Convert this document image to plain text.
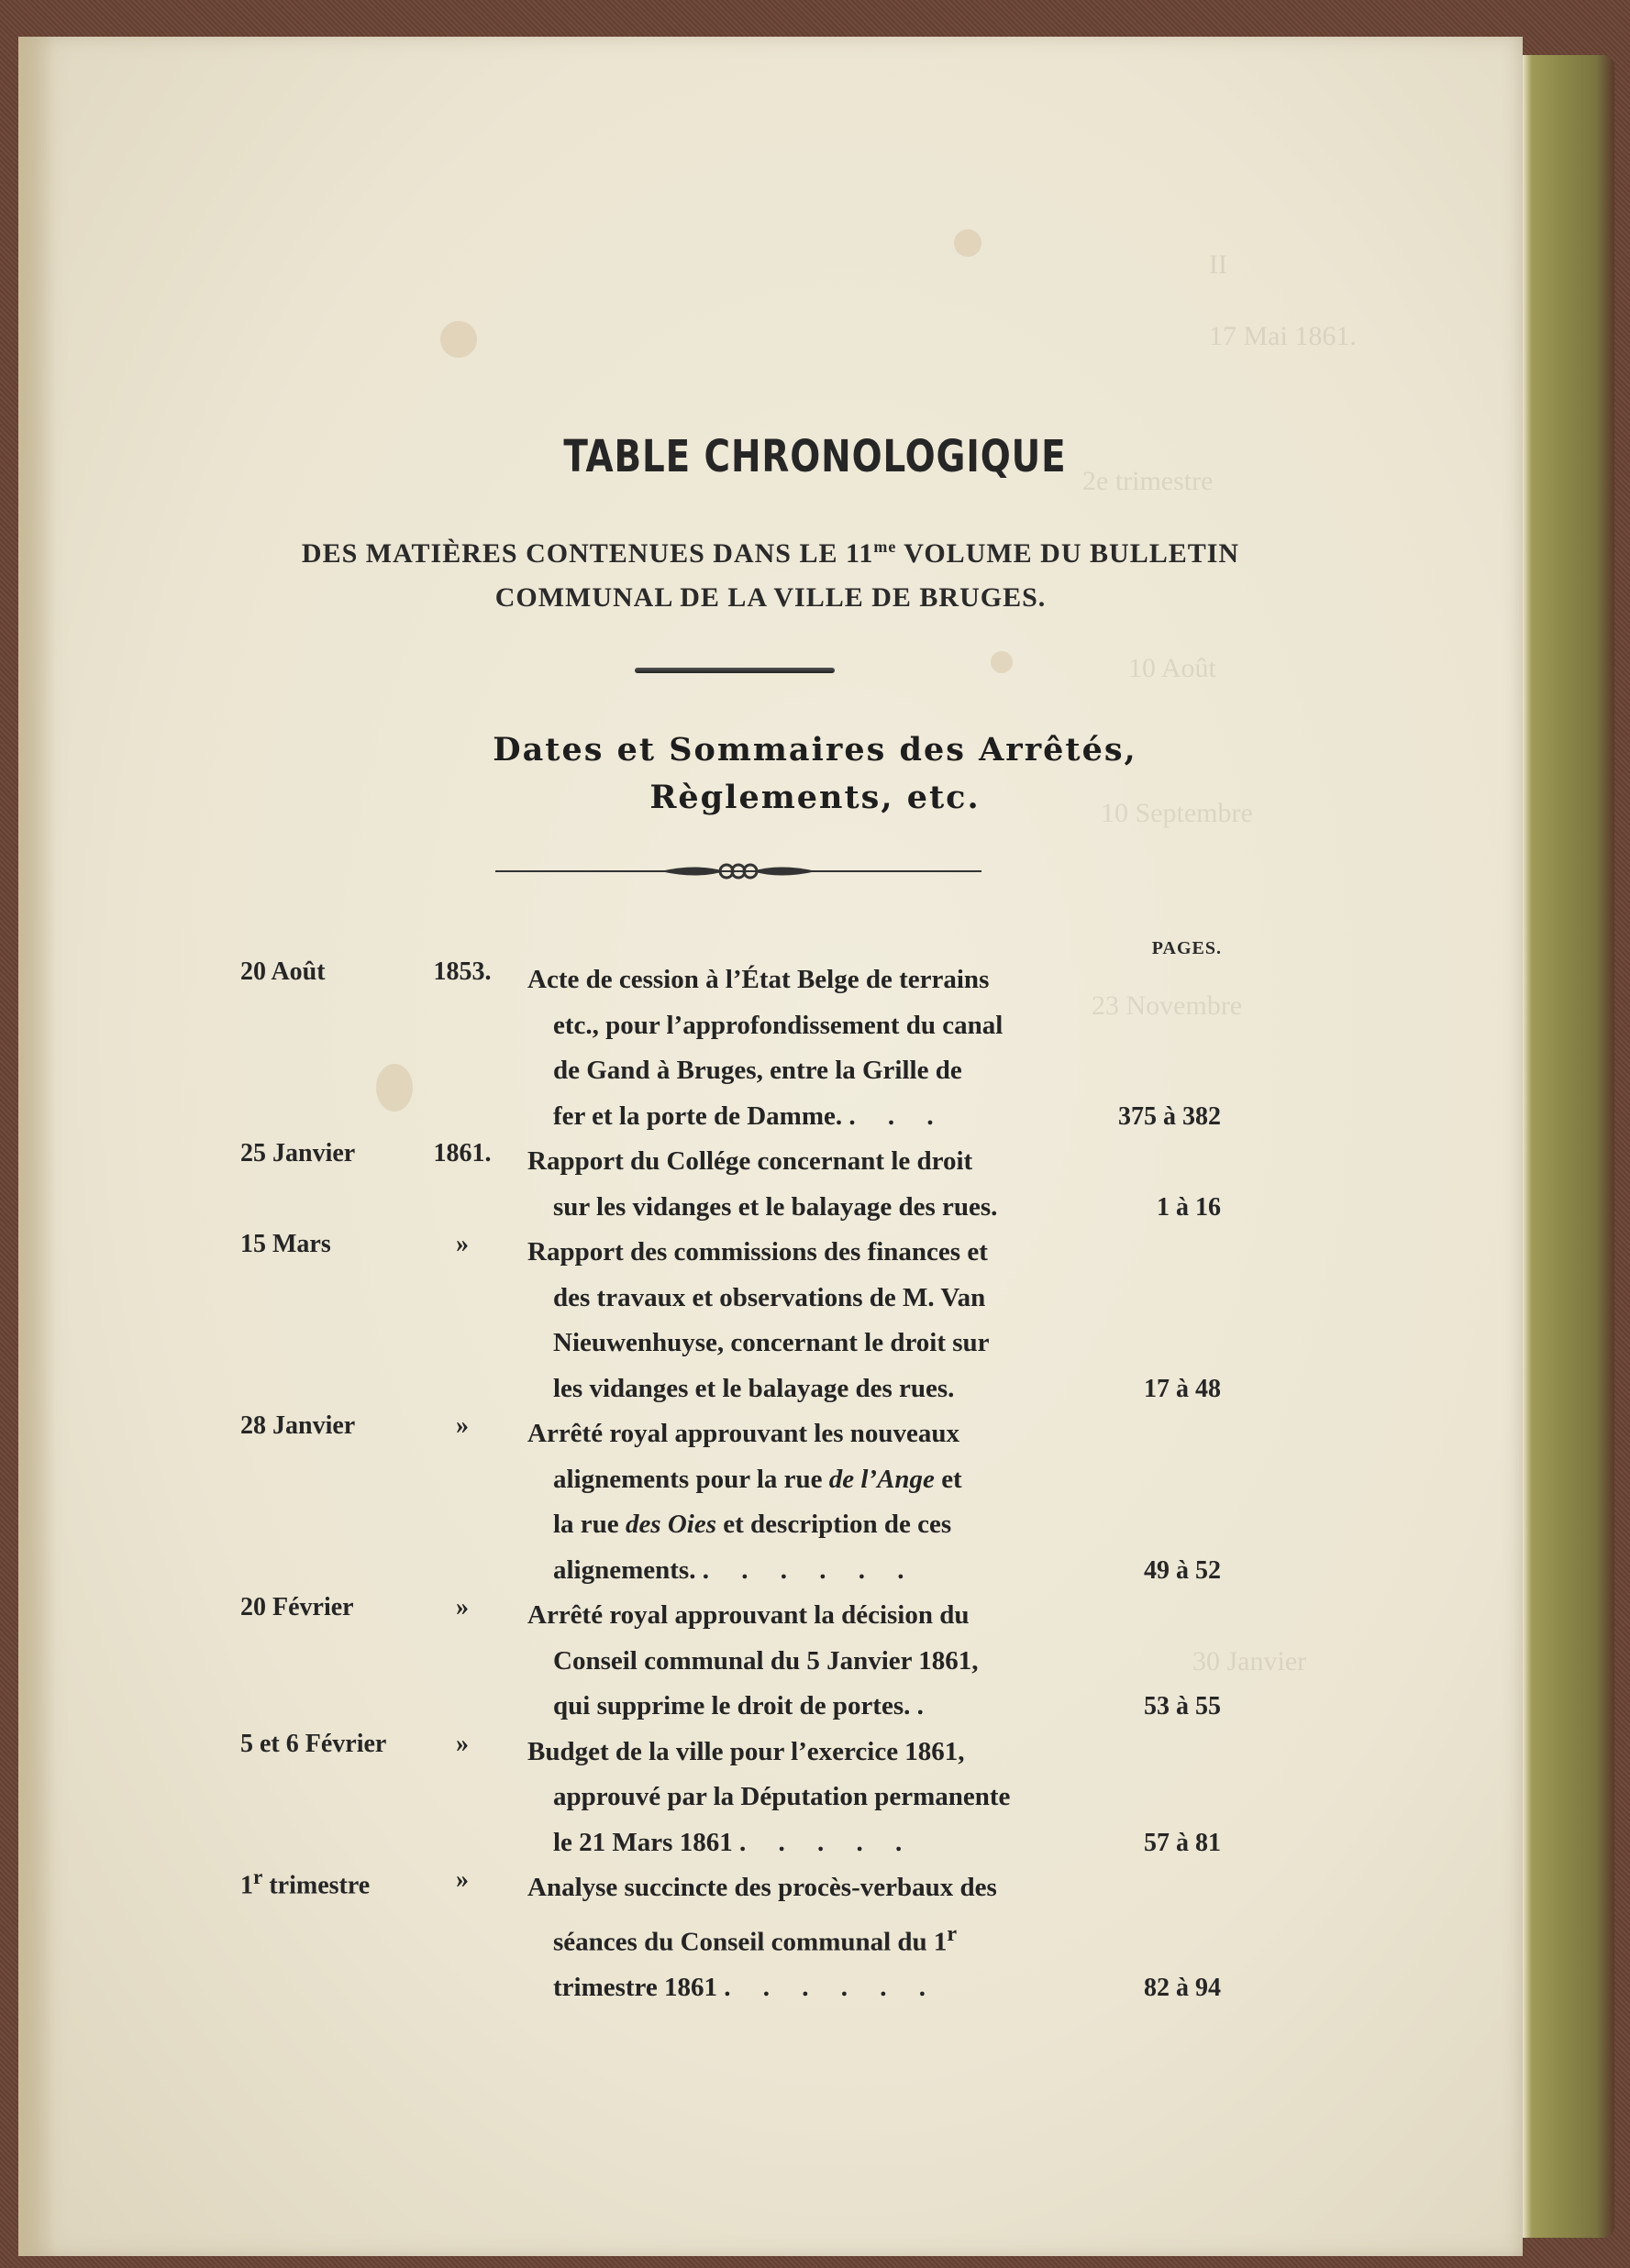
II
17 Mai 1861.
2e trimestre
10 Août
10 Septembre
23 Novembre
30 Janvier
TABLE CHRONOLOGIQUE
DES MATIÈRES CONTENUES DANS LE $11^{me}$ VOLUME DU BULLETIN
COMMUNAL DE LA VILLE DE BRUGES.
Dates et Sommaires des Arrêtés,
Règlements, etc.
PAGES.
20 Août	1853. Acte de cession à l’État Belge de terrains
etc., pour l’approfondissement du canal
de Gand à Bruges, entre la Grille de
fer et la porte de Damme. . . .	375 à 382
25 Janvier	1861. Rapport du Collége concernant le droit
sur les vidanges et le balayage des rues.	1 à 16
15 Mars	»	Rapport des commissions des finances et
des travaux et observations de M. Van
Nieuwenhuyse, concernant le droit sur
les vidanges et le balayage des rues.	17 à 48
28 Janvier	»	Arrêté royal approuvant les nouveaux
alignements pour la rue de l’Ange et
la rue des Oies et description de ces
alignements. . . . . . .	49 à 52
20 Février	»	Arrêté royal approuvant la décision du
Conseil communal du 5 Janvier 1861,
qui supprime le droit de portes. .	53 à 55
5 et 6 Février	»	Budget de la ville pour l’exercice 1861,
approuvé par la Députation permanente
le 21 Mars 1861 . . . . .	57 à 81
1$^r$ trimestre	»	Analyse succincte des procès-verbaux des
séances du Conseil communal du 1$^r$
trimestre 1861 . . . . . .	82 à 94
